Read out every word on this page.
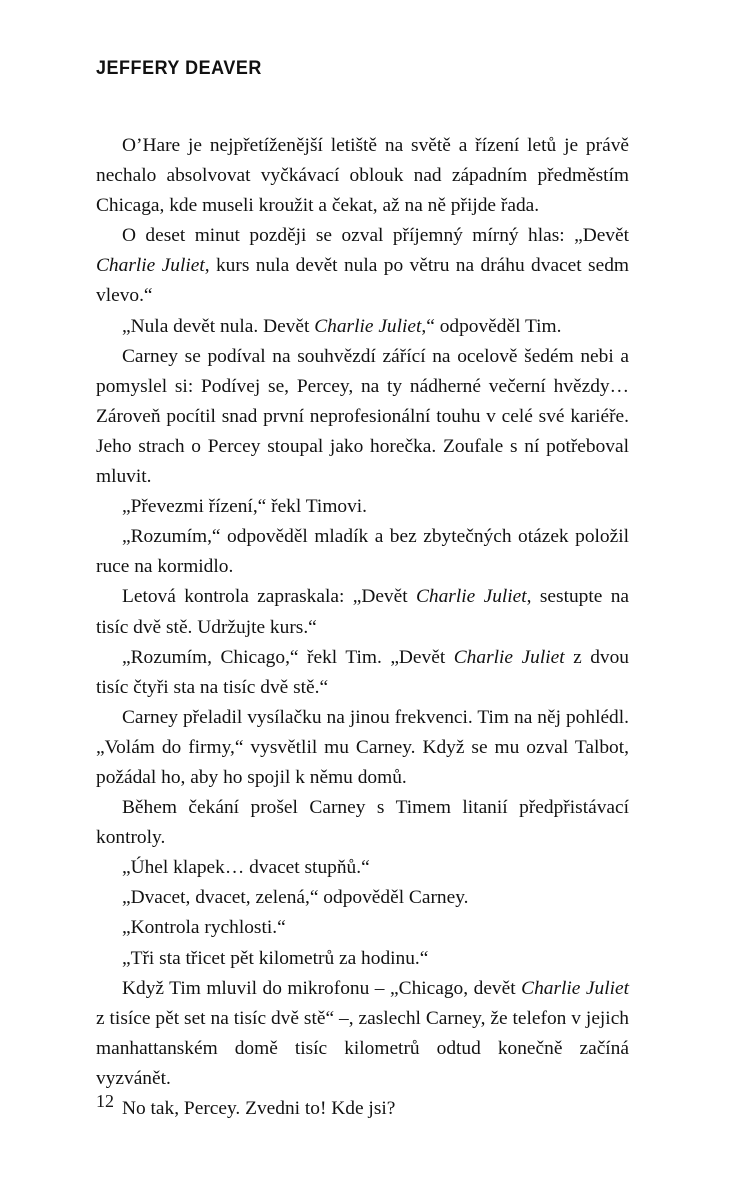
JEFFERY DEAVER

O’Hare je nejpřetíženější letiště na světě a řízení letů je právě nechalo absolvovat vyčkávací oblouk nad západním předměstím Chicaga, kde museli kroužit a čekat, až na ně přijde řada.

O deset minut později se ozval příjemný mírný hlas: „Devět Charlie Juliet, kurs nula devět nula po větru na dráhu dvacet sedm vlevo.“

„Nula devět nula. Devět Charlie Juliet,“ odpověděl Tim.

Carney se podíval na souhvězdí zářící na ocelově šedém nebi a pomyslel si: Podívej se, Percey, na ty nádherné večerní hvězdy… Zároveň pocítil snad první neprofesionální touhu v celé své kariéře. Jeho strach o Percey stoupal jako horečka. Zoufale s ní potřeboval mluvit.

„Převezmi řízení,“ řekl Timovi.

„Rozumím,“ odpověděl mladík a bez zbytečných otázek položil ruce na kormidlo.

Letová kontrola zapraskala: „Devět Charlie Juliet, sestupte na tisíc dvě stě. Udržujte kurs.“

„Rozumím, Chicago,“ řekl Tim. „Devět Charlie Juliet z dvou tisíc čtyři sta na tisíc dvě stě.“

Carney přeladil vysílačku na jinou frekvenci. Tim na něj pohlédl. „Volám do firmy,“ vysvětlil mu Carney. Když se mu ozval Talbot, požádal ho, aby ho spojil k němu domů.

Během čekání prošel Carney s Timem litanií předpřistávací kontroly.

„Úhel klapek… dvacet stupňů.“

„Dvacet, dvacet, zelená,“ odpověděl Carney.

„Kontrola rychlosti.“

„Tři sta třicet pět kilometrů za hodinu.“

Když Tim mluvil do mikrofonu – „Chicago, devět Charlie Juliet z tisíce pět set na tisíc dvě stě“ –, zaslechl Carney, že telefon v jejich manhattanském domě tisíc kilometrů odtud konečně začíná vyzvánět.

No tak, Percey. Zvedni to! Kde jsi?

12
